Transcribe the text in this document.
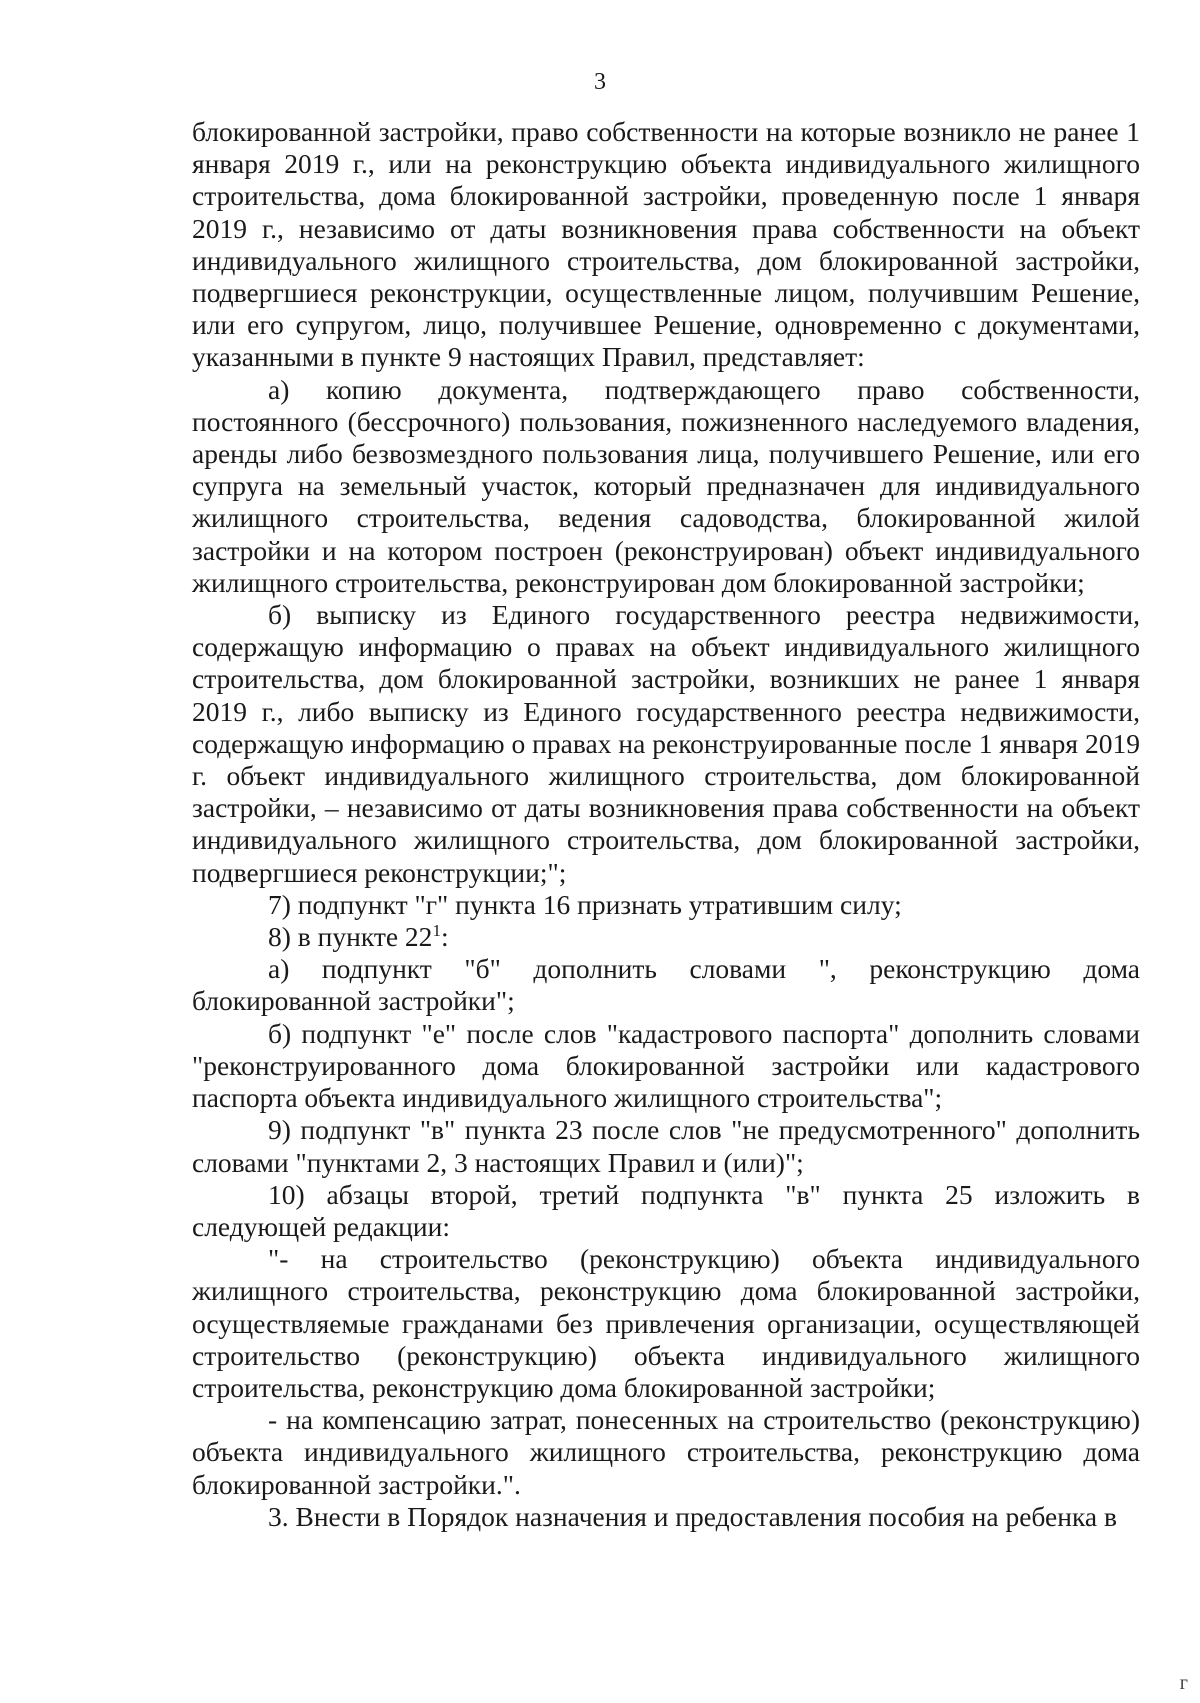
3

блокированной застройки, право собственности на которые возникло не ранее 1 января 2019 г., или на реконструкцию объекта индивидуального жилищного строительства, дома блокированной застройки, проведенную после 1 января 2019 г., независимо от даты возникновения права собственности на объект индивидуального жилищного строительства, дом блокированной застройки, подвергшиеся реконструкции, осуществленные лицом, получившим Решение, или его супругом, лицо, получившее Решение, одновременно с документами, указанными в пункте 9 настоящих Правил, представляет:

а) копию документа, подтверждающего право собственности, постоянного (бессрочного) пользования, пожизненного наследуемого владения, аренды либо безвозмездного пользования лица, получившего Решение, или его супруга на земельный участок, который предназначен для индивидуального жилищного строительства, ведения садоводства, блокированной жилой застройки и на котором построен (реконструирован) объект индивидуального жилищного строительства, реконструирован дом блокированной застройки;

б) выписку из Единого государственного реестра недвижимости, содержащую информацию о правах на объект индивидуального жилищного строительства, дом блокированной застройки, возникших не ранее 1 января 2019 г., либо выписку из Единого государственного реестра недвижимости, содержащую информацию о правах на реконструированные после 1 января 2019 г. объект индивидуального жилищного строительства, дом блокированной застройки, – независимо от даты возникновения права собственности на объект индивидуального жилищного строительства, дом блокированной застройки, подвергшиеся реконструкции;";

7) подпункт "г" пункта 16 признать утратившим силу;

8) в пункте $22^1$:

а) подпункт "б" дополнить словами ", реконструкцию дома блокированной застройки";

б) подпункт "е" после слов "кадастрового паспорта" дополнить словами "реконструированного дома блокированной застройки или кадастрового паспорта объекта индивидуального жилищного строительства";

9) подпункт "в" пункта 23 после слов "не предусмотренного" дополнить словами "пунктами 2, 3 настоящих Правил и (или)";

10) абзацы второй, третий подпункта "в" пункта 25 изложить в следующей редакции:

"- на строительство (реконструкцию) объекта индивидуального жилищного строительства, реконструкцию дома блокированной застройки, осуществляемые гражданами без привлечения организации, осуществляющей строительство (реконструкцию) объекта индивидуального жилищного строительства, реконструкцию дома блокированной застройки;

- на компенсацию затрат, понесенных на строительство (реконструкцию) объекта индивидуального жилищного строительства, реконструкцию дома блокированной застройки.".

3. Внести в Порядок назначения и предоставления пособия на ребенка в

г
